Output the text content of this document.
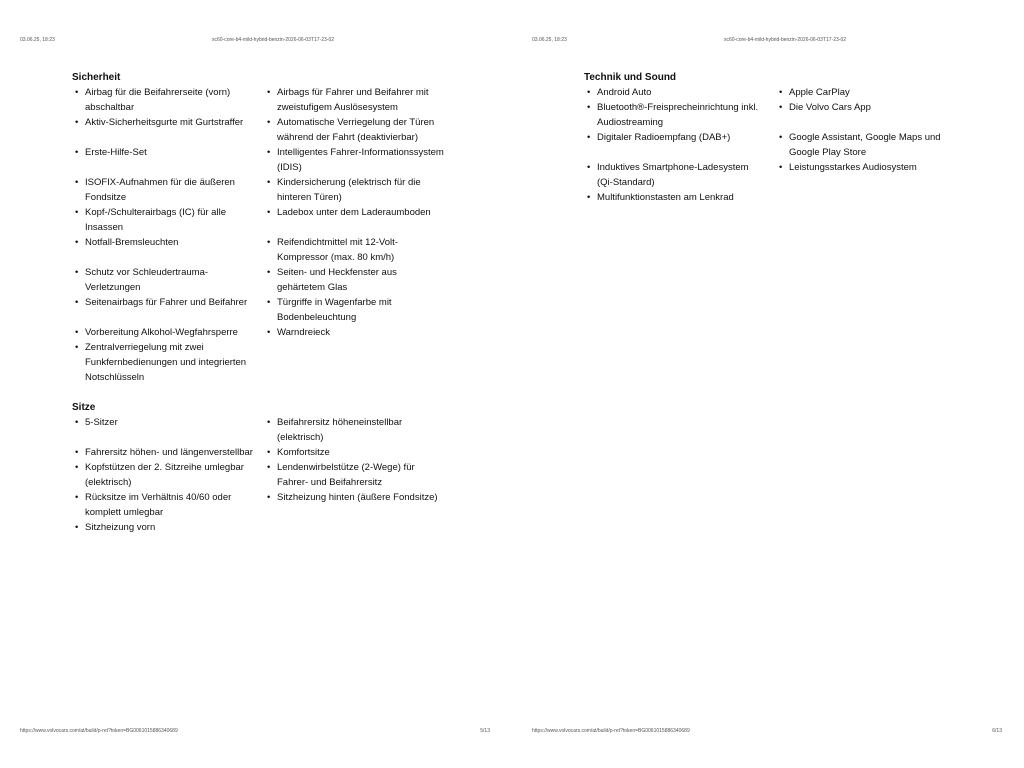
03.06.25, 18:23	xc60-core-b4-mild-hybrid-benzin-2026-06-03T17-23-02
Sicherheit
• Airbag für die Beifahrerseite (vorn) abschaltbar
• Airbags für Fahrer und Beifahrer mit zweistufigem Auslösesystem
• Aktiv-Sicherheitsgurte mit Gurtstraffer	• Automatische Verriegelung der Türen während der Fahrt (deaktivierbar)
• Erste-Hilfe-Set	• Intelligentes Fahrer-Informationssystem (IDIS)
• ISOFIX-Aufnahmen für die äußeren Fondsitze
• Kindersicherung (elektrisch für die hinteren Türen)
• Kopf-/Schulterairbags (IC) für alle Insassen
• Ladebox unter dem Laderaumboden
• Notfall-Bremsleuchten	• Reifendichtmittel mit 12-Volt-Kompressor (max. 80 km/h)
• Schutz vor Schleudertrauma-Verletzungen
• Seiten- und Heckfenster aus gehärtetem Glas
• Seitenairbags für Fahrer und Beifahrer	• Türgriffe in Wagenfarbe mit Bodenbeleuchtung
• Vorbereitung Alkohol-Wegfahrsperre	• Warndreieck
• Zentralverriegelung mit zwei Funkfernbedienungen und integrierten Notschlüsseln
Sitze
• 5-Sitzer	• Beifahrersitz höheneinstellbar (elektrisch)
• Fahrersitz höhen- und längenverstellbar	• Komfortsitze
• Kopfstützen der 2. Sitzreihe umlegbar (elektrisch)
• Lendenwirbelstütze (2-Wege) für Fahrer- und Beifahrersitz
• Rücksitze im Verhältnis 40/60 oder komplett umlegbar
• Sitzheizung hinten (äußere Fondsitze)
• Sitzheizung vorn
https://www.volvocars.com/at/build/p-ret?token=BG0061015886340689	5/13
03.06.25, 18:23	xc60-core-b4-mild-hybrid-benzin-2026-06-03T17-23-02
Technik und Sound
• Android Auto	• Apple CarPlay
• Bluetooth®-Freisprecheinrichtung inkl. Audiostreaming
• Die Volvo Cars App
• Digitaler Radioempfang (DAB+)	• Google Assistant, Google Maps und Google Play Store
• Induktives Smartphone-Ladesystem (Qi-Standard)
• Leistungsstarkes Audiosystem
• Multifunktionstasten am Lenkrad
https://www.volvocars.com/at/build/p-ret?token=BG0061015886340689	6/13
